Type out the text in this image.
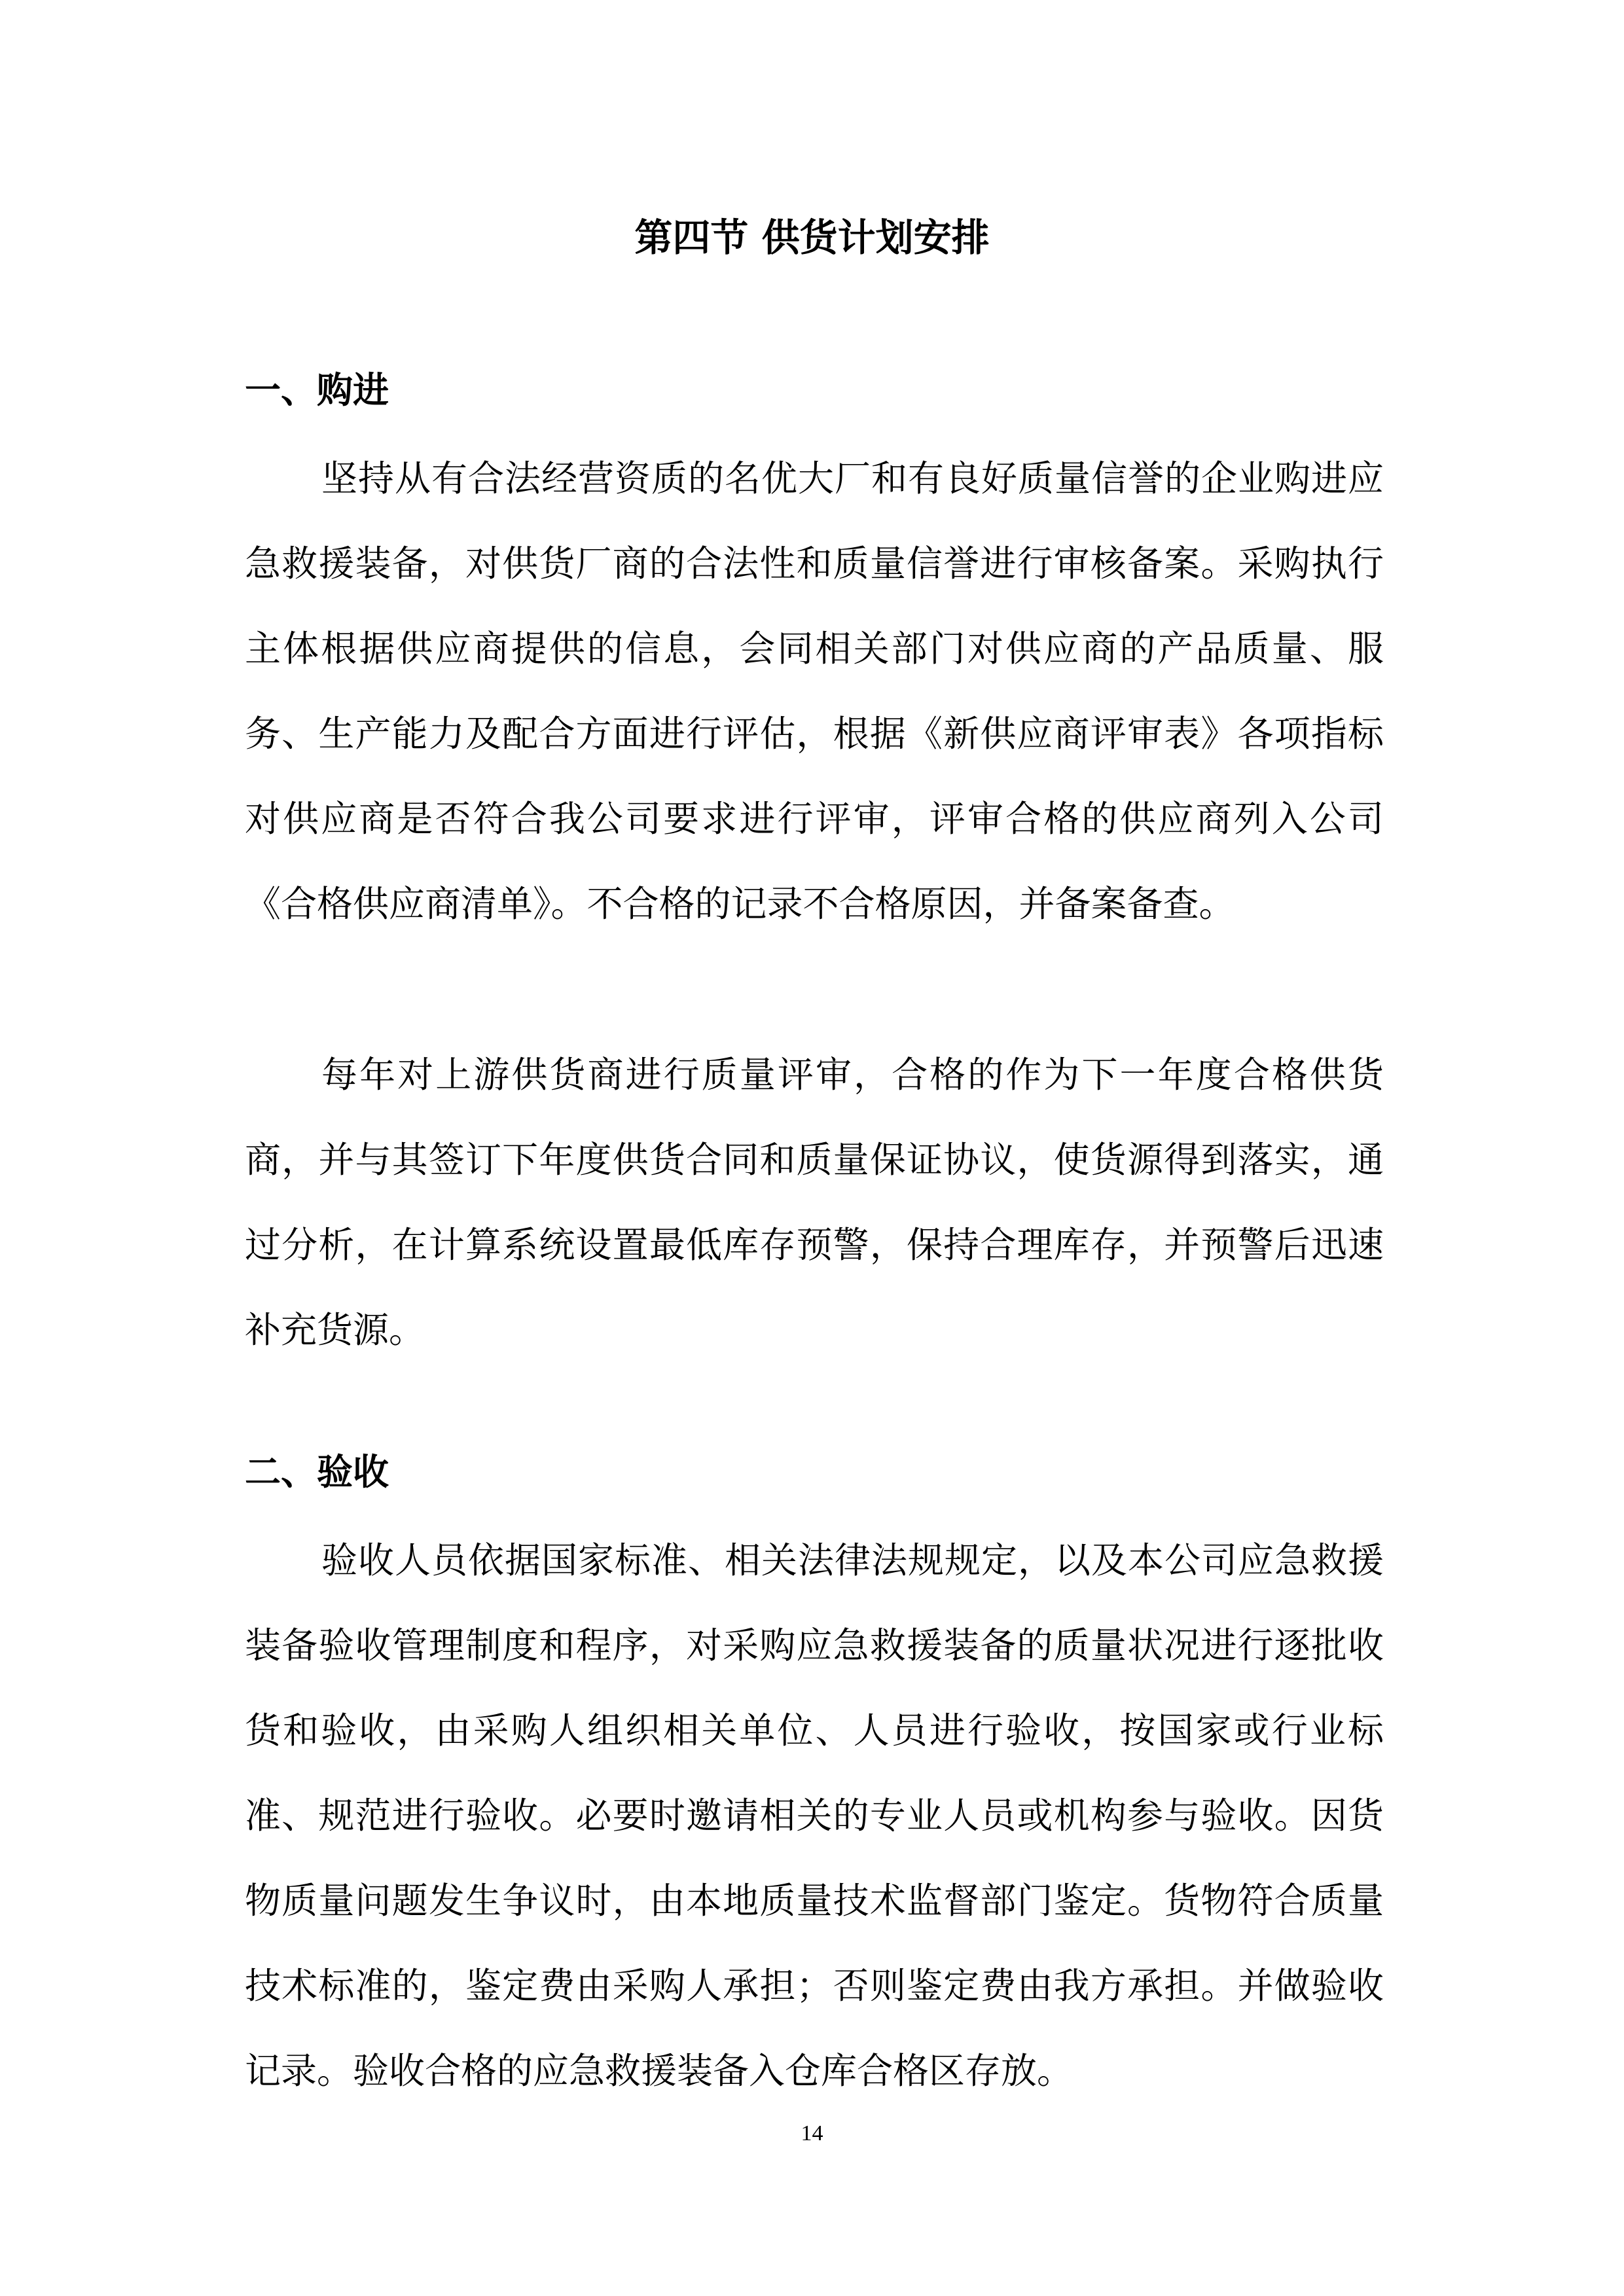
第四节 供货计划安排
一、购进

坚持从有合法经营资质的名优大厂和有良好质量信誉的企业购进应急救援装备，对供货厂商的合法性和质量信誉进行审核备案。采购执行主体根据供应商提供的信息，会同相关部门对供应商的产品质量、服务、生产能力及配合方面进行评估，根据《新供应商评审表》各项指标对供应商是否符合我公司要求进行评审，评审合格的供应商列入公司《合格供应商清单》。不合格的记录不合格原因，并备案备查。

每年对上游供货商进行质量评审，合格的作为下一年度合格供货商，并与其签订下年度供货合同和质量保证协议，使货源得到落实，通过分析，在计算系统设置最低库存预警，保持合理库存，并预警后迅速补充货源。

二、验收

验收人员依据国家标准、相关法律法规规定，以及本公司应急救援装备验收管理制度和程序，对采购应急救援装备的质量状况进行逐批收货和验收，由采购人组织相关单位、人员进行验收，按国家或行业标准、规范进行验收。必要时邀请相关的专业人员或机构参与验收。因货物质量问题发生争议时，由本地质量技术监督部门鉴定。货物符合质量技术标准的，鉴定费由采购人承担；否则鉴定费由我方承担。并做验收记录。验收合格的应急救援装备入仓库合格区存放。

14
